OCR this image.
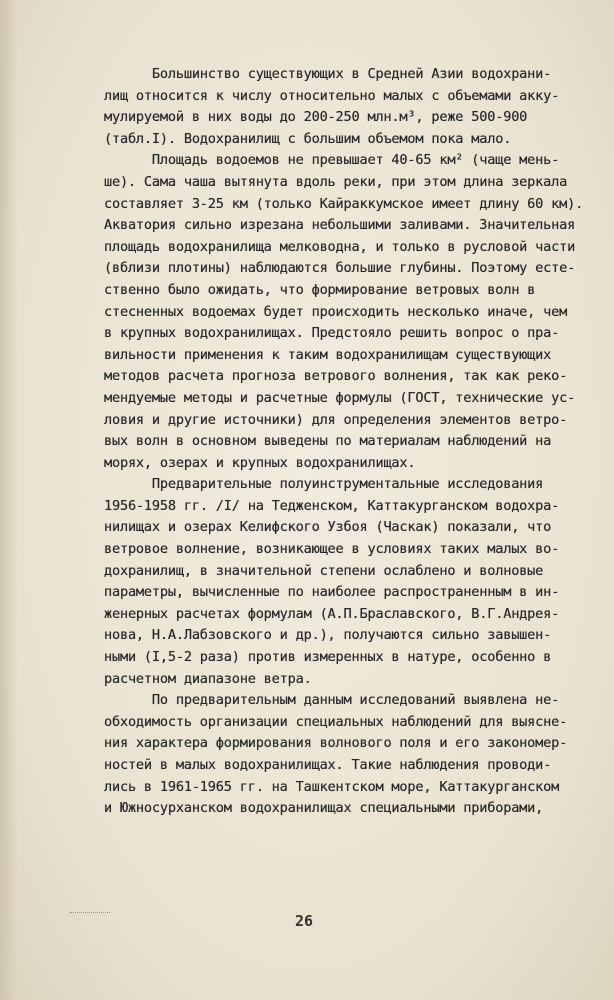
Большинство существующих в Средней Азии водохрани-
лищ относится к числу относительно малых с объемами акку-
мулируемой в них воды до 200-250 млн.м³, реже 500-900
(табл.I). Водохранилищ с большим объемом пока мало.
Площадь водоемов не превышает 40-65 км² (чаще мень-
ше). Сама чаша вытянута вдоль реки, при этом длина зеркала
составляет 3-25 км (только Кайраккумское имеет длину 60 км).
Акватория сильно изрезана небольшими заливами. Значительная
площадь водохранилища мелководна, и только в русловой части
(вблизи плотины) наблюдаются большие глубины. Поэтому есте-
ственно было ожидать, что формирование ветровых волн в
стесненных водоемах будет происходить несколько иначе, чем
в крупных водохранилищах. Предстояло решить вопрос о пра-
вильности применения к таким водохранилищам существующих
методов расчета прогноза ветрового волнения, так как реко-
мендуемые методы и расчетные формулы (ГОСТ, технические ус-
ловия и другие источники) для определения элементов ветро-
вых волн в основном выведены по материалам наблюдений на
морях, озерах и крупных водохранилищах.
Предварительные полуинструментальные исследования
1956-1958 гг. /I/ на Теджeнском, Каттакурганском водохра-
нилищах и озерах Келифского Узбоя (Часкак) показали, что
ветровое волнение, возникающее в условиях таких малых во-
дохранилищ, в значительной степени ослаблено и волновые
параметры, вычисленные по наиболее распространенным в ин-
женерных расчетах формулам (А.П.Браславского, В.Г.Андрея-
нова, Н.А.Лабзовского и др.), получаются сильно завышен-
ными (I,5-2 раза) против измеренных в натуре, особенно в
расчетном диапазоне ветра.
По предварительным данным исследований выявлена не-
обходимость организации специальных наблюдений для выясне-
ния характера формирования волнового поля и его закономер-
ностей в малых водохранилищах. Такие наблюдения проводи-
лись в 1961-1965 гг. на Ташкентском море, Каттакурганском
и Южносурханском водохранилищах специальными приборами,
26
